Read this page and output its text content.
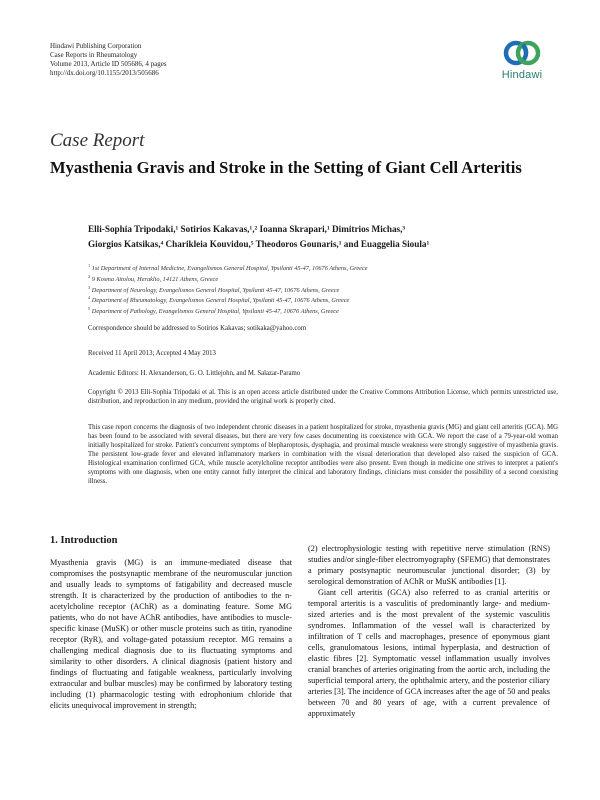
Hindawi Publishing Corporation
Case Reports in Rheumatology
Volume 2013, Article ID 505686, 4 pages
http://dx.doi.org/10.1155/2013/505686	Hindawi
Case Report
Myasthenia Gravis and Stroke in the Setting of Giant Cell Arteritis
Elli-Sophia Tripodaki,¹ Sotirios Kakavas,¹,² Ioanna Skrapari,¹ Dimitrios Michas,³
Giorgios Katsikas,⁴ Charikleia Kouvidou,⁵ Theodoros Gounaris,¹ and Euaggelia Sioula¹
$^1$ 1st Department of Internal Medicine, Evangelismos General Hospital, Ypsilanti 45-47, 10676 Athens, Greece
$^2$ 9 Kosma Aitolou, Heraklio, 14121 Athens, Greece
$^3$ Department of Neurology, Evangelismos General Hospital, Ypsilanti 45-47, 10676 Athens, Greece
$^4$ Department of Rheumatology, Evangelismos General Hospital, Ypsilanti 45-47, 10676 Athens, Greece
$^5$ Department of Pathology, Evangelismos General Hospital, Ypsilanti 45-47, 10676 Athens, Greece
Correspondence should be addressed to Sotirios Kakavas; sotikaka@yahoo.com
Received 11 April 2013; Accepted 4 May 2013
Academic Editors: H. Alexanderson, G. O. Littlejohn, and M. Salazar-Paramo
Copyright © 2013 Elli-Sophia Tripodaki et al. This is an open access article distributed under the Creative Commons Attribution License, which permits unrestricted use, distribution, and reproduction in any medium, provided the original work is properly cited.
This case report concerns the diagnosis of two independent chronic diseases in a patient hospitalized for stroke, myasthenia gravis (MG) and giant cell arteritis (GCA). MG has been found to be associated with several diseases, but there are very few cases documenting its coexistence with GCA. We report the case of a 79-year-old woman initially hospitalized for stroke. Patient's concurrent symptoms of blepharoptosis, dysphagia, and proximal muscle weakness were strongly suggestive of myasthenia gravis. The persistent low-grade fever and elevated inflammatory markers in combination with the visual deterioration that developed also raised the suspicion of GCA. Histological examination confirmed GCA, while muscle acetylcholine receptor antibodies were also present. Even though in medicine one strives to interpret a patient's symptoms with one diagnosis, when one entity cannot fully interpret the clinical and laboratory findings, clinicians must consider the possibility of a second coexisting illness.
1. Introduction

Myasthenia gravis (MG) is an immune-mediated disease that compromises the postsynaptic membrane of the neuromuscular junction and usually leads to symptoms of fatigability and decreased muscle strength. It is characterized by the production of antibodies to the n-acetylcholine receptor (AChR) as a dominating feature. Some MG patients, who do not have AChR antibodies, have antibodies to muscle-specific kinase (MuSK) or other muscle proteins such as titin, ryanodine receptor (RyR), and voltage-gated potassium receptor. MG remains a challenging medical diagnosis due to its fluctuating symptoms and similarity to other disorders. A clinical diagnosis (patient history and findings of fluctuating and fatigable weakness, particularly involving extraocular and bulbar muscles) may be confirmed by laboratory testing including (1) pharmacologic testing with edrophonium chloride that elicits unequivocal improvement in strength;

(2) electrophysiologic testing with repetitive nerve stimulation (RNS) studies and/or single-fiber electromyography (SFEMG) that demonstrates a primary postsynaptic neuromuscular junctional disorder; (3) by serological demonstration of AChR or MuSK antibodies [1].

Giant cell arteritis (GCA) also referred to as cranial arteritis or temporal arteritis is a vasculitis of predominantly large- and medium-sized arteries and is the most prevalent of the systemic vasculitis syndromes. Inflammation of the vessel wall is characterized by infiltration of T cells and macrophages, presence of eponymous giant cells, granulomatous lesions, intimal hyperplasia, and destruction of elastic fibres [2]. Symptomatic vessel inflammation usually involves cranial branches of arteries originating from the aortic arch, including the superficial temporal artery, the ophthalmic artery, and the posterior ciliary arteries [3]. The incidence of GCA increases after the age of 50 and peaks between 70 and 80 years of age, with a current prevalence of approximately
